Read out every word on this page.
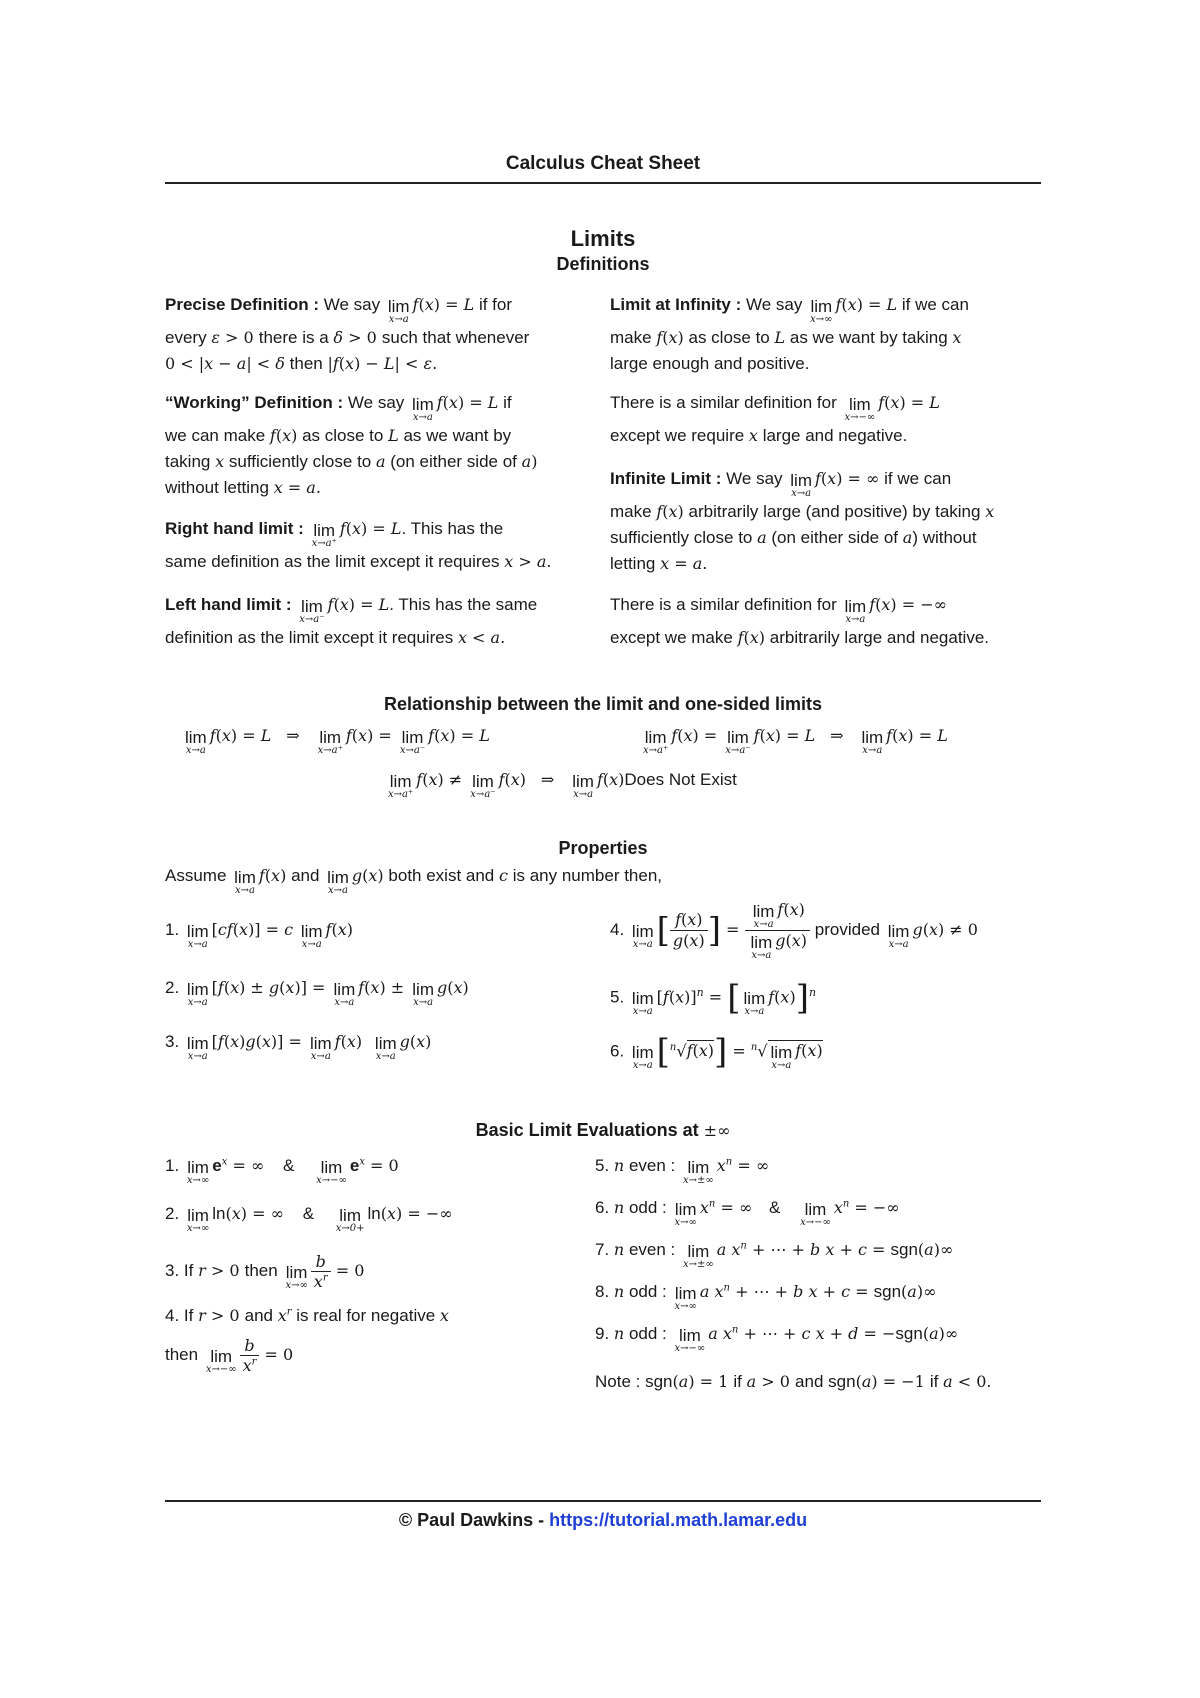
Calculus Cheat Sheet
Limits
Definitions
Precise Definition : We say lim
x→a
f(x) = L if for
every ε > 0 there is a δ > 0 such that whenever
0 < |x − a| < δ then |f(x) − L| < ε.
“Working” Definition : We say lim
x→a
f(x) = L if
we can make f(x) as close to L as we want by
taking x sufficiently close to a (on either side of a)
without letting x = a.
Right hand limit : lim
x→a⁺
f(x) = L. This has the
same definition as the limit except it requires x > a.
Left hand limit : lim
x→a⁻
f(x) = L. This has the same
definition as the limit except it requires x < a.
Limit at Infinity : We say lim
x→∞
f(x) = L if we can
make f(x) as close to L as we want by taking x
large enough and positive.
There is a similar definition for lim
x→−∞
f(x) = L
except we require x large and negative.
Infinite Limit : We say lim
x→a
f(x) = ∞ if we can
make f(x) arbitrarily large (and positive) by taking x
sufficiently close to a (on either side of a) without
letting x = a.
There is a similar definition for lim
x→a
f(x) = −∞
except we make f(x) arbitrarily large and negative.
Relationship between the limit and one-sided limits
lim
x→a
f(x) = L   ⇒ lim
x→a⁺
f(x) = lim
x→a⁻
f(x) = L	lim
x→a⁺
f(x) = lim
x→a⁻
f(x) = L   ⇒ lim
x→a
f(x) = L
lim
x→a⁺
f(x) ≠ lim
x→a⁻
f(x)   ⇒ lim
x→a
f(x)Does Not Exist
Properties
Assume lim
x→a
f(x) and lim
x→a
g(x) both exist and c is any number then,
1. lim
x→a
[cf(x)] = c lim
x→a
f(x)
2. lim
x→a
[f(x) ± g(x)] = lim
x→a
f(x) ± lim
x→a
g(x)
3. lim
x→a
[f(x)g(x)] = lim
x→a
f(x) lim
x→a
g(x)
4. lim
x→a [ $\frac{f(x)}{g(x)}$ ] = lim
x→a
f(x)
lim
x→a
g(x) provided lim
x→a
g(x) ≠ 0
5. lim
x→a
$[f(x)]^n$ = [ lim
x→a
f(x)]$^n$
6. lim
x→a [$^n$√f(x)] = $^n$√ lim
x→a
f(x)
Basic Limit Evaluations at ±∞
1. lim
x→∞
$e^x$ = ∞ & lim
x→−∞
$e^x = 0$
2. lim
x→∞
ln(x) = ∞ & lim
x→0+
ln(x) = −∞
3. If r > 0 then lim
$x\to\infty \frac{b}{x^r} = 0$
4. If r > 0 and $x^r$ is real for negative x
then lim
$x\to-\infty \frac{b}{x^r} = 0$
5. n even : lim
x→±∞
$x^n$ = ∞
6. n odd : lim
x→∞
$x^n$ = ∞ & lim
x→−∞
$x^n$ = −∞
7. n even : lim
x→±∞
a $x^n$ + ⋯ + b x + c = sgn(a)∞
8. n odd : lim
x→∞
a $x^n$ + ⋯ + b x + c = sgn(a)∞
9. n odd : lim
x→−∞
a $x^n$ + ⋯ + c x + d = −sgn(a)∞
Note : sgn(a) = 1 if a > 0 and sgn(a) = −1 if a < 0.
© Paul Dawkins - https://tutorial.math.lamar.edu
